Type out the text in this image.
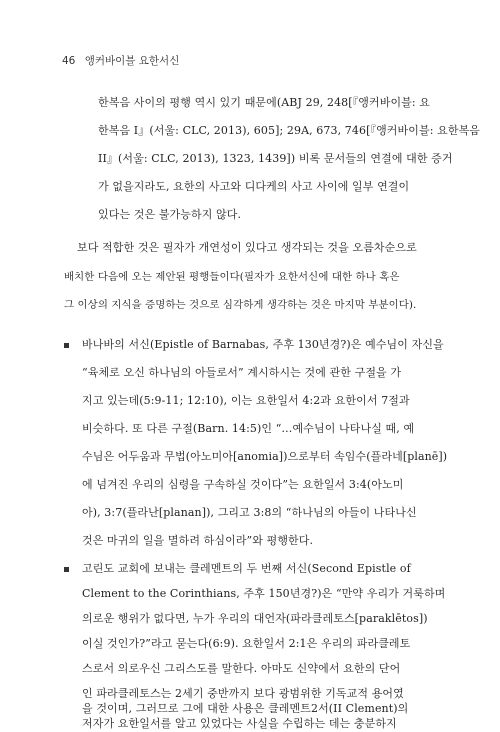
46 앵커바이블 요한서신
한복음 사이의 평행 역시 있기 때문에(ABJ 29, 248[『앵커바이블: 요
한복음 I』(서울: CLC, 2013), 605]; 29A, 673, 746[『앵커바이블: 요한복음
II』(서울: CLC, 2013), 1323, 1439]) 비록 문서들의 연결에 대한 증거
가 없을지라도, 요한의 사고와 디다케의 사고 사이에 일부 연결이
있다는 것은 불가능하지 않다.
보다 적합한 것은 필자가 개연성이 있다고 생각되는 것을 오름차순으로
배치한 다음에 오는 제안된 평행들이다(필자가 요한서신에 대한 하나 혹은
그 이상의 지식을 증명하는 것으로 심각하게 생각하는 것은 마지막 부분이다).
바나바의 서신(Epistle of Barnabas, 주후 130년경?)은 예수님이 자신을
“육체로 오신 하나님의 아들로서” 계시하시는 것에 관한 구절을 가
지고 있는데(5:9-11; 12:10), 이는 요한일서 4:2과 요한이서 7절과
비슷하다. 또 다른 구절(Barn. 14:5)인 “…예수님이 나타나실 때, 예
수님은 어두움과 무법(아노미아[anomia])으로부터 속임수(플라네[planē])
에 넘겨진 우리의 심령을 구속하실 것이다”는 요한일서 3:4(아노미
아), 3:7(플라난[planan]), 그리고 3:8의 “하나님의 아들이 나타나신
것은 마귀의 일을 멸하려 하심이라”와 평행한다.
고린도 교회에 보내는 클레멘트의 두 번째 서신(Second Epistle of
Clement to the Corinthians, 주후 150년경?)은 “만약 우리가 거룩하며
의로운 행위가 없다면, 누가 우리의 대언자(파라클레토스[paraklētos])
이실 것인가?”라고 묻는다(6:9). 요한일서 2:1은 우리의 파라클레토
스로서 의로우신 그리스도를 말한다. 아마도 신약에서 요한의 단어
인 파라클레토스는 2세기 중반까지 보다 광범위한 기독교적 용어였
을 것이며, 그러므로 그에 대한 사용은 클레멘트2서(II Clement)의
저자가 요한일서를 알고 있었다는 사실을 수립하는 데는 충분하지
